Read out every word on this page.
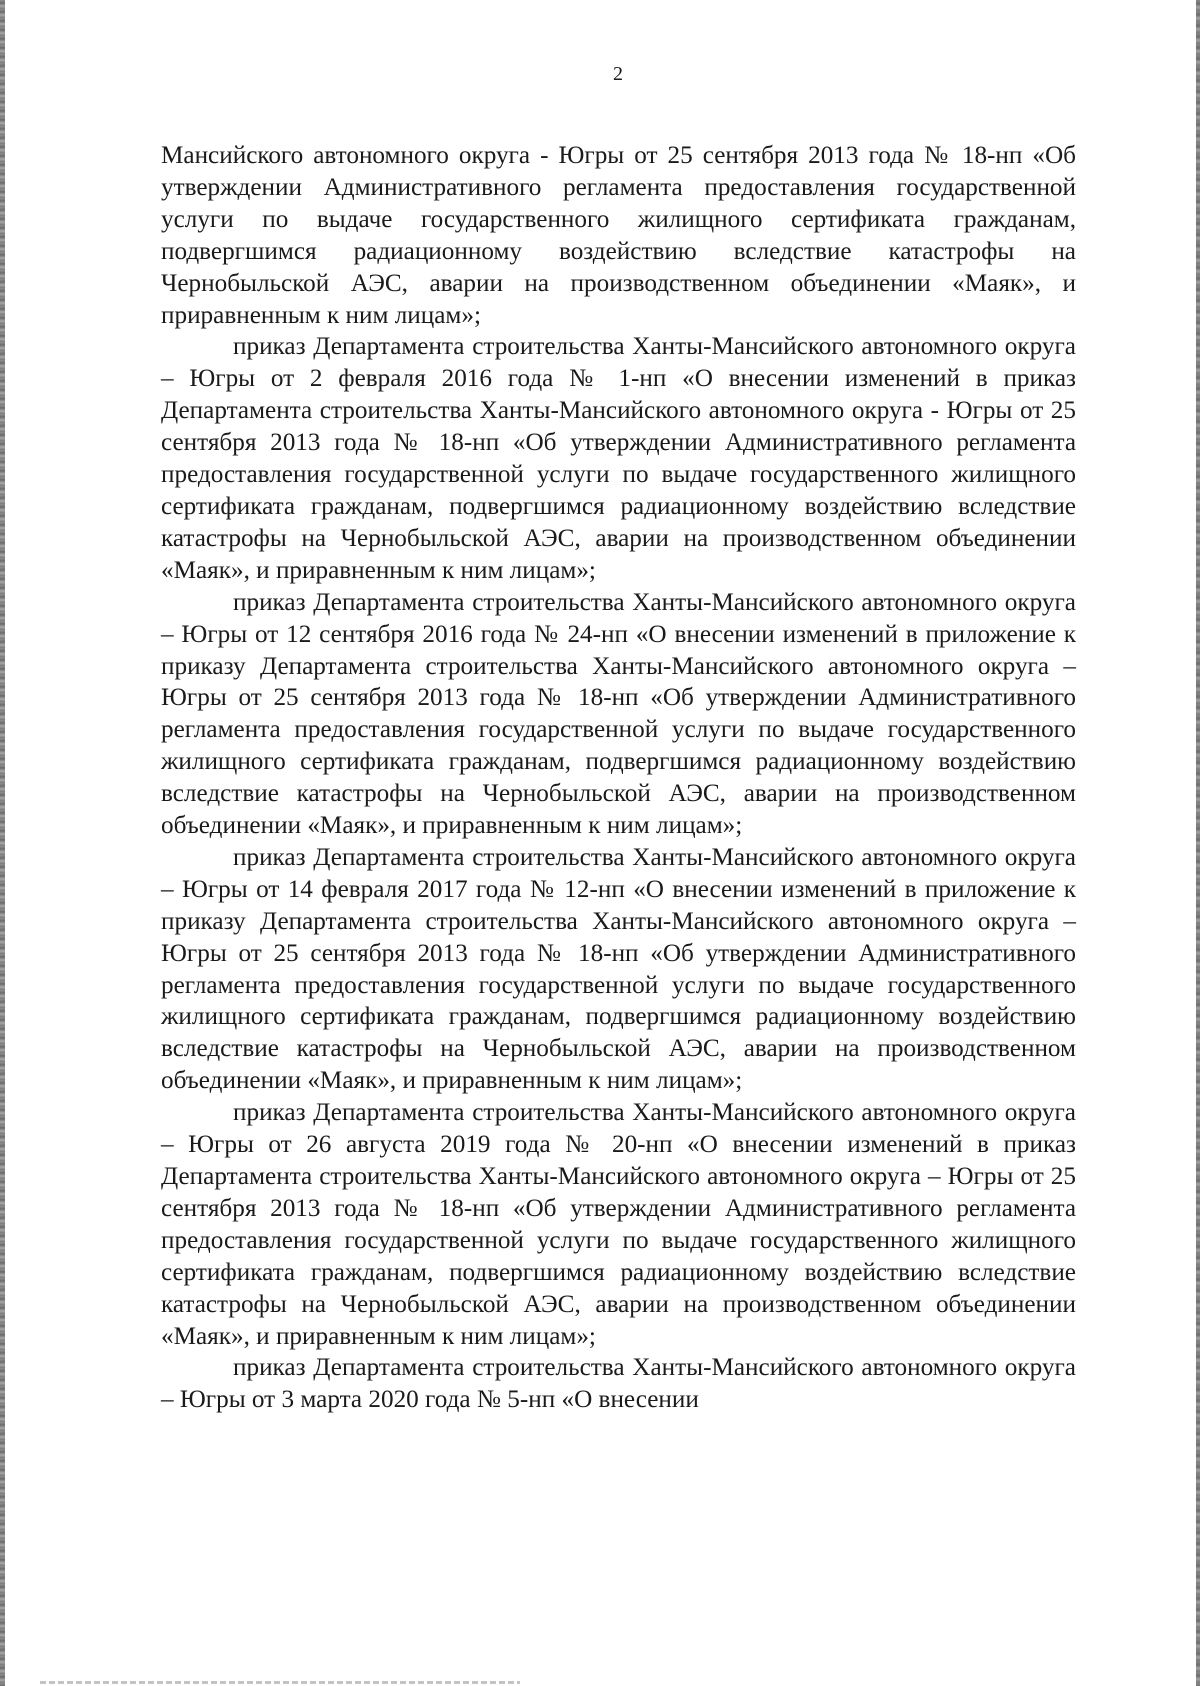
2

Мансийского автономного округа - Югры от 25 сентября 2013 года № 18-нп «Об утверждении Административного регламента предоставления государственной услуги по выдаче государственного жилищного сертификата гражданам, подвергшимся радиационному воздействию вследствие катастрофы на Чернобыльской АЭС, аварии на производственном объединении «Маяк», и приравненным к ним лицам»;

приказ Департамента строительства Ханты-Мансийского автономного округа – Югры от 2 февраля 2016 года № 1-нп «О внесении изменений в приказ Департамента строительства Ханты-Мансийского автономного округа - Югры от 25 сентября 2013 года № 18-нп «Об утверждении Административного регламента предоставления государственной услуги по выдаче государственного жилищного сертификата гражданам, подвергшимся радиационному воздействию вследствие катастрофы на Чернобыльской АЭС, аварии на производственном объединении «Маяк», и приравненным к ним лицам»;

приказ Департамента строительства Ханты-Мансийского автономного округа – Югры от 12 сентября 2016 года № 24-нп «О внесении изменений в приложение к приказу Департамента строительства Ханты-Мансийского автономного округа – Югры от 25 сентября 2013 года № 18-нп «Об утверждении Административного регламента предоставления государственной услуги по выдаче государственного жилищного сертификата гражданам, подвергшимся радиационному воздействию вследствие катастрофы на Чернобыльской АЭС, аварии на производственном объединении «Маяк», и приравненным к ним лицам»;

приказ Департамента строительства Ханты-Мансийского автономного округа – Югры от 14 февраля 2017 года № 12-нп «О внесении изменений в приложение к приказу Департамента строительства Ханты-Мансийского автономного округа – Югры от 25 сентября 2013 года № 18-нп «Об утверждении Административного регламента предоставления государственной услуги по выдаче государственного жилищного сертификата гражданам, подвергшимся радиационному воздействию вследствие катастрофы на Чернобыльской АЭС, аварии на производственном объединении «Маяк», и приравненным к ним лицам»;

приказ Департамента строительства Ханты-Мансийского автономного округа – Югры от 26 августа 2019 года № 20-нп «О внесении изменений в приказ Департамента строительства Ханты-Мансийского автономного округа – Югры от 25 сентября 2013 года № 18-нп «Об утверждении Административного регламента предоставления государственной услуги по выдаче государственного жилищного сертификата гражданам, подвергшимся радиационному воздействию вследствие катастрофы на Чернобыльской АЭС, аварии на производственном объединении «Маяк», и приравненным к ним лицам»;

приказ Департамента строительства Ханты-Мансийского автономного округа – Югры от 3 марта 2020 года № 5-нп «О внесении
